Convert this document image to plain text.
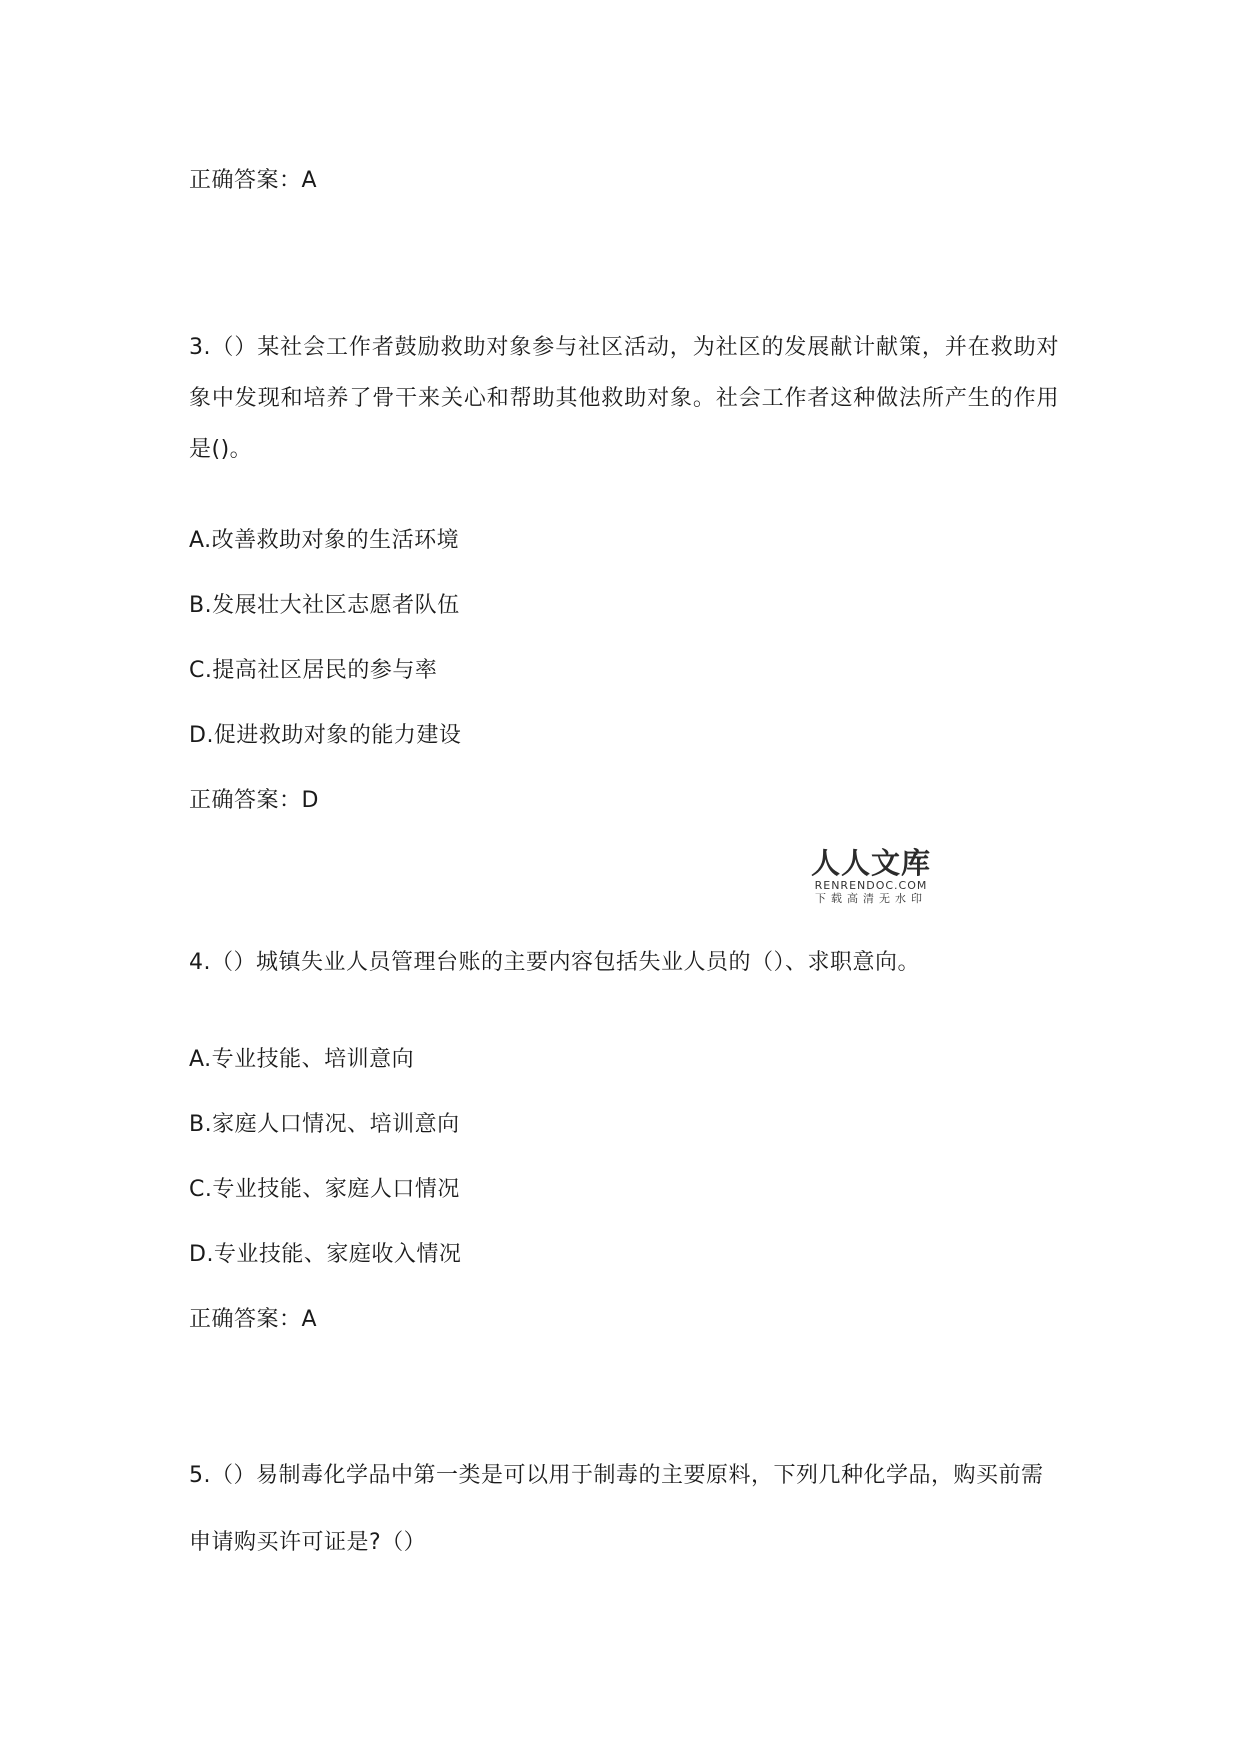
正确答案：A
3.（）某社会工作者鼓励救助对象参与社区活动，为社区的发展献计献策，并在救助对象中发现和培养了骨干来关心和帮助其他救助对象。社会工作者这种做法所产生的作用是()。
A.改善救助对象的生活环境
B.发展壮大社区志愿者队伍
C.提高社区居民的参与率
D.促进救助对象的能力建设
正确答案：D
人人文库
RENRENDOC.COM
下载高清无水印
4.（）城镇失业人员管理台账的主要内容包括失业人员的（）、求职意向。
A.专业技能、培训意向
B.家庭人口情况、培训意向
C.专业技能、家庭人口情况
D.专业技能、家庭收入情况
正确答案：A
5.（）易制毒化学品中第一类是可以用于制毒的主要原料，下列几种化学品，购买前需
申请购买许可证是?（）
